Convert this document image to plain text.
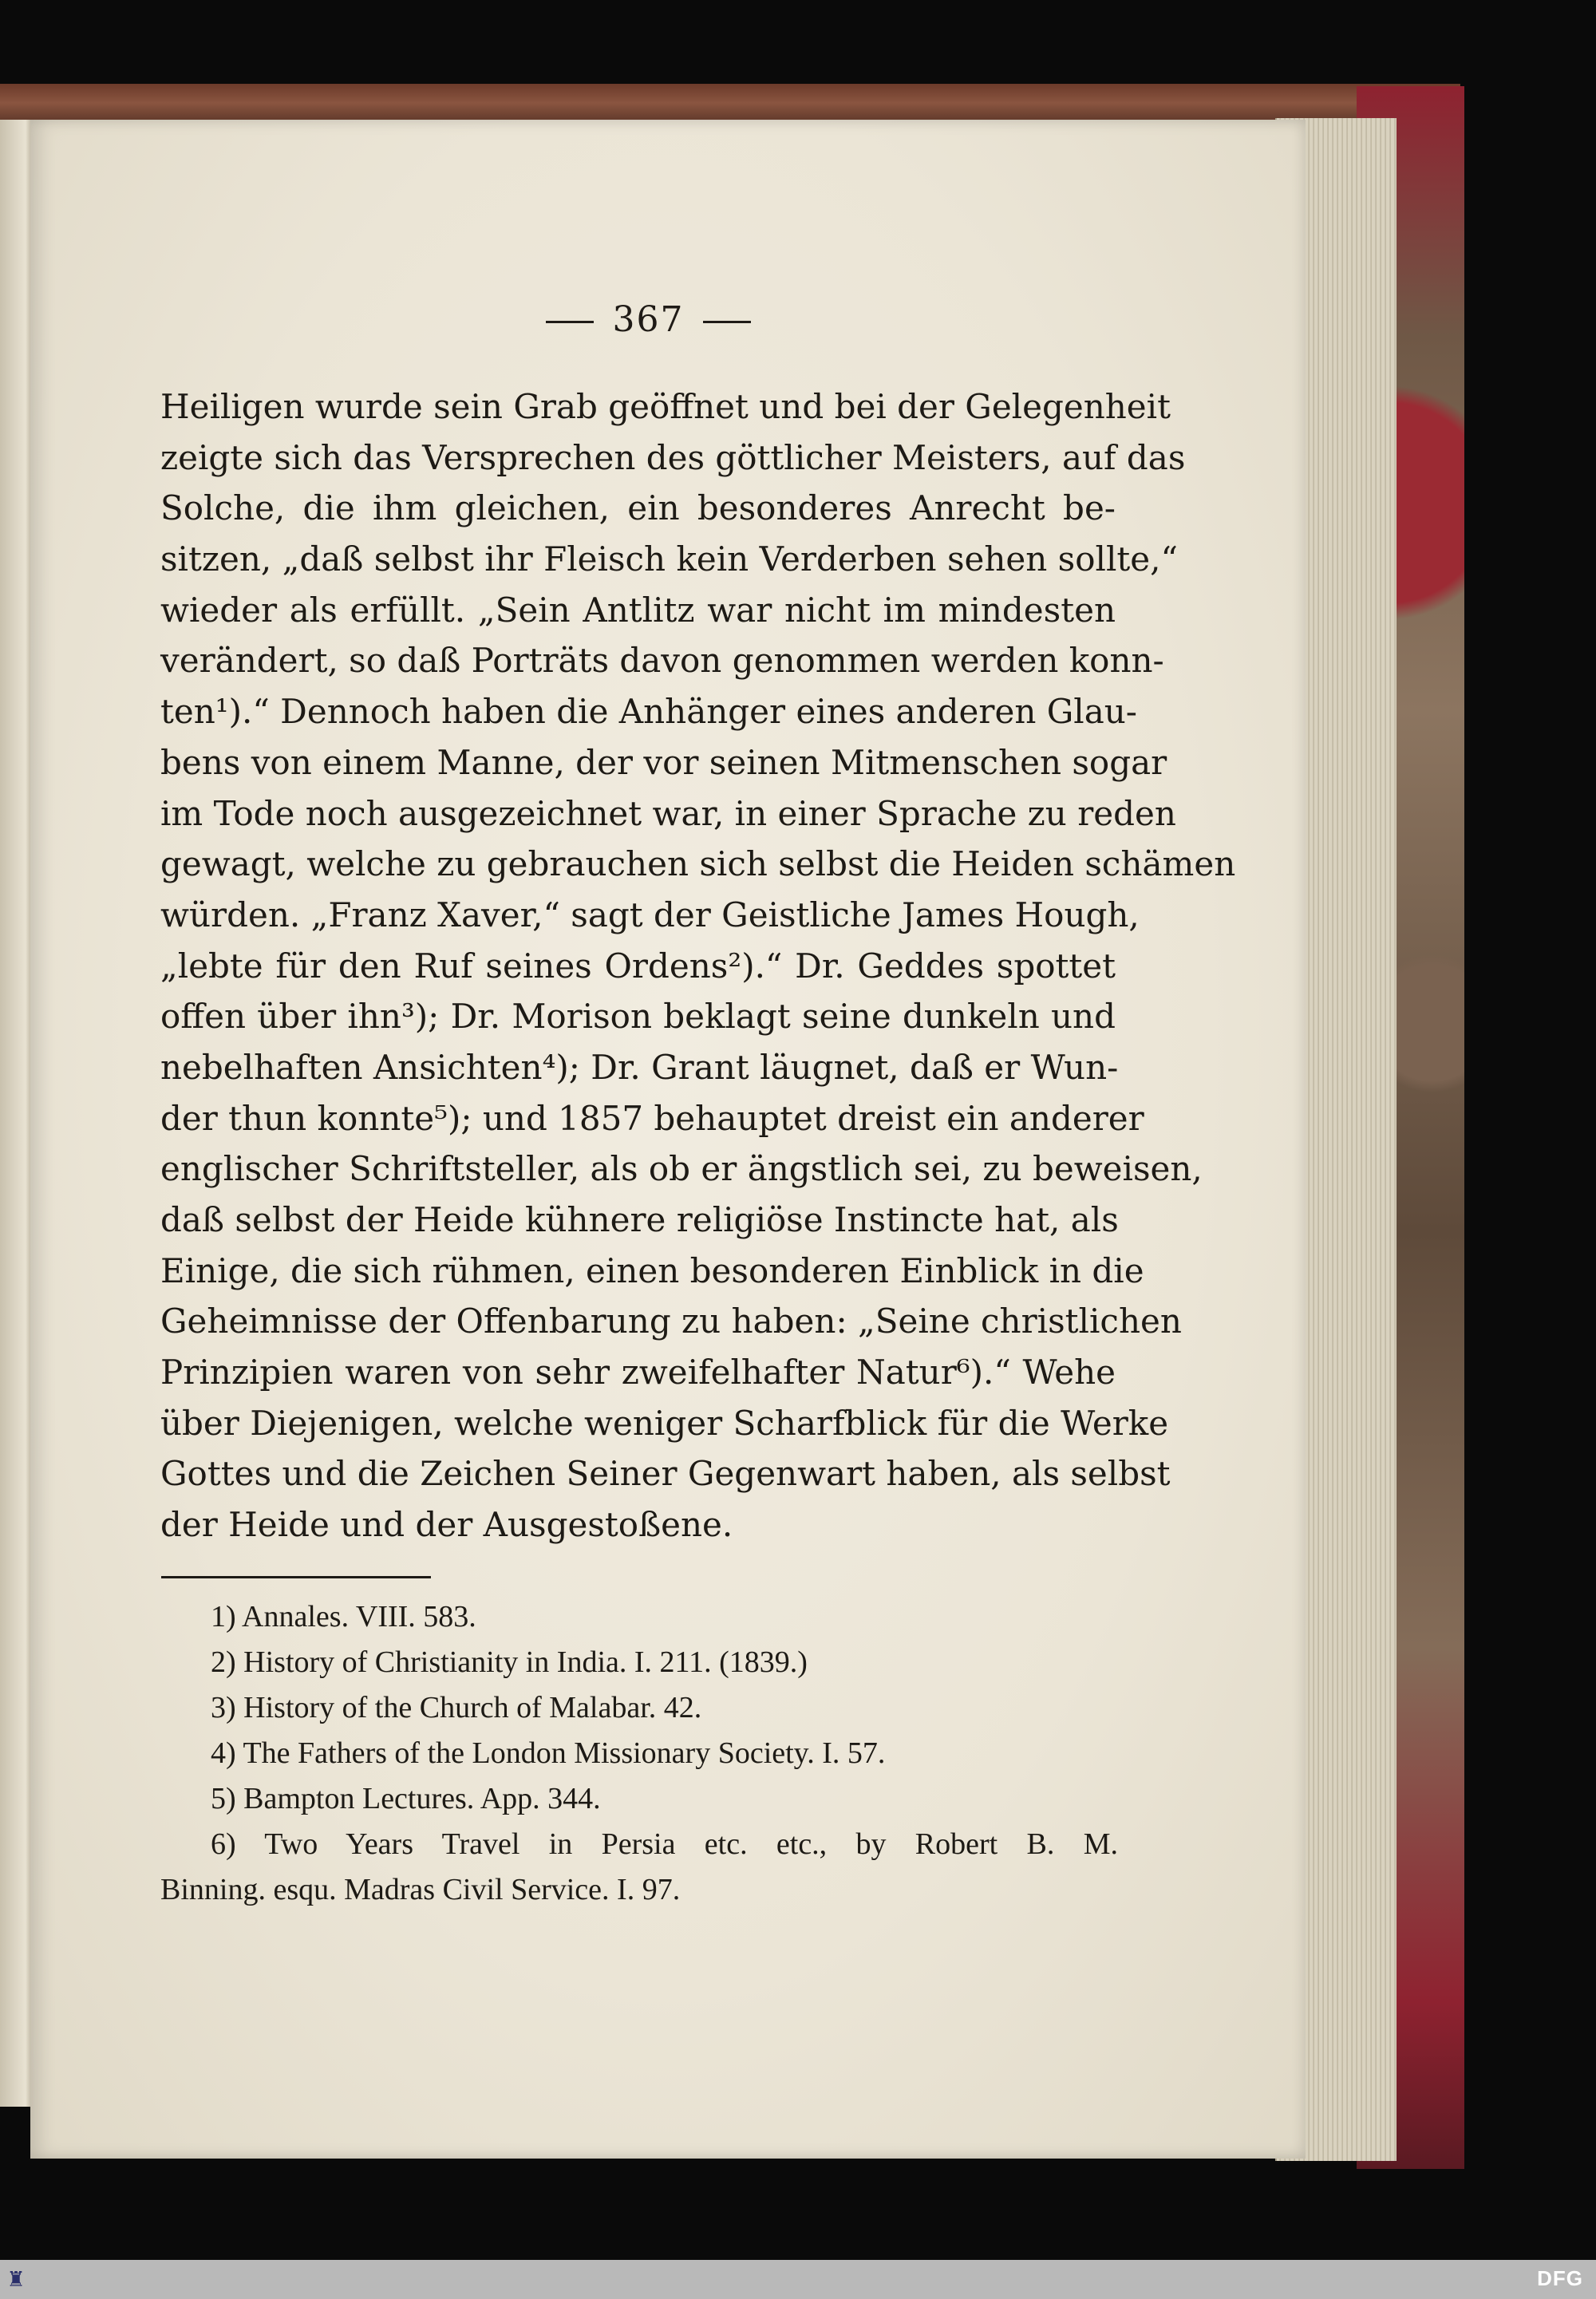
367
Heiligen wurde sein Grab geöffnet und bei der Gelegenheit
zeigte sich das Versprechen des göttlicher Meisters, auf das
Solche, die ihm gleichen, ein besonderes Anrecht be-
sitzen, „daß selbst ihr Fleisch kein Verderben sehen sollte,“
wieder als erfüllt. „Sein Antlitz war nicht im mindesten
verändert, so daß Porträts davon genommen werden konn-
ten¹).“ Dennoch haben die Anhänger eines anderen Glau-
bens von einem Manne, der vor seinen Mitmenschen sogar
im Tode noch ausgezeichnet war, in einer Sprache zu reden
gewagt, welche zu gebrauchen sich selbst die Heiden schämen
würden. „Franz Xaver,“ sagt der Geistliche James Hough,
„lebte für den Ruf seines Ordens²).“ Dr. Geddes spottet
offen über ihn³); Dr. Morison beklagt seine dunkeln und
nebelhaften Ansichten⁴); Dr. Grant läugnet, daß er Wun-
der thun konnte⁵); und 1857 behauptet dreist ein anderer
englischer Schriftsteller, als ob er ängstlich sei, zu beweisen,
daß selbst der Heide kühnere religiöse Instincte hat, als
Einige, die sich rühmen, einen besonderen Einblick in die
Geheimnisse der Offenbarung zu haben: „Seine christlichen
Prinzipien waren von sehr zweifelhafter Natur⁶).“ Wehe
über Diejenigen, welche weniger Scharfblick für die Werke
Gottes und die Zeichen Seiner Gegenwart haben, als selbst
der Heide und der Ausgestoßene.
1) Annales. VIII. 583.
2) History of Christianity in India. I. 211. (1839.)
3) History of the Church of Malabar. 42.
4) The Fathers of the London Missionary Society. I. 57.
5) Bampton Lectures. App. 344.
6) Two Years Travel in Persia etc. etc., by Robert B. M.
Binning. esqu. Madras Civil Service. I. 97.
♜	DFG
